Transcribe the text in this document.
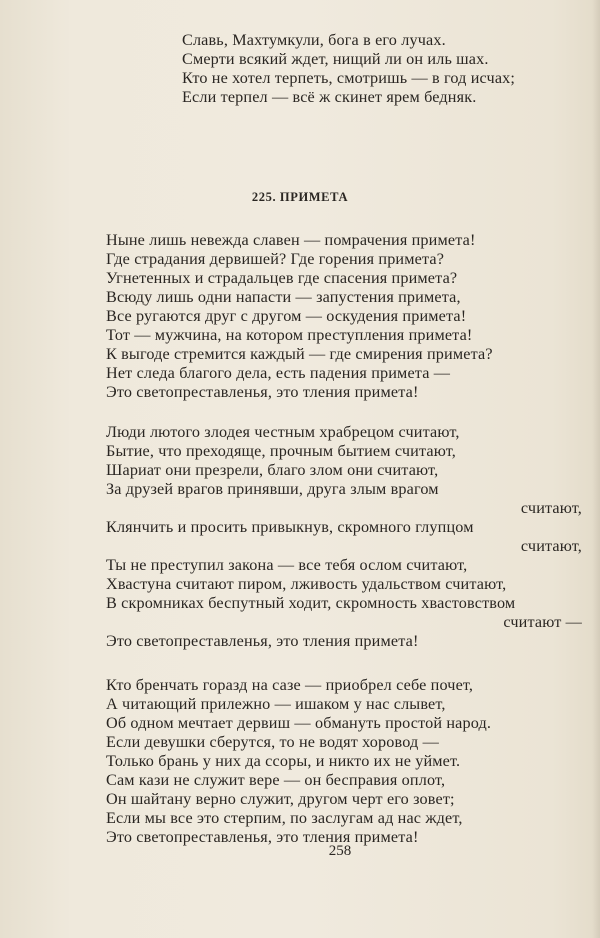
Славь, Махтумкули, бога в его лучах.
Смерти всякий ждет, нищий ли он иль шах.
Кто не хотел терпеть, смотришь — в год исчах;
Если терпел — всё ж скинет ярем бедняк.
225. ПРИМЕТА
Ныне лишь невежда славен — помрачения примета!
Где страдания дервишей? Где горения примета?
Угнетенных и страдальцев где спасения примета?
Всюду лишь одни напасти — запустения примета,
Все ругаются друг с другом — оскудения примета!
Тот — мужчина, на котором преступления примета!
К выгоде стремится каждый — где смирения примета?
Нет следа благого дела, есть падения примета —
Это светопреставленья, это тления примета!
Люди лютого злодея честным храбрецом считают,
Бытие, что преходяще, прочным бытием считают,
Шариат они презрели, благо злом они считают,
За друзей врагов принявши, друга злым врагом
считают,
Клянчить и просить привыкнув, скромного глупцом
считают,
Ты не преступил закона — все тебя ослом считают,
Хвастуна считают пиром, лживость удальством считают,
В скромниках беспутный ходит, скромность хвастовством
считают —
Это светопреставленья, это тления примета!
Кто бренчать горазд на сазе — приобрел себе почет,
А читающий прилежно — ишаком у нас слывет,
Об одном мечтает дервиш — обмануть простой народ.
Если девушки сберутся, то не водят хоровод —
Только брань у них да ссоры, и никто их не уймет.
Сам кази не служит вере — он бесправия оплот,
Он шайтану верно служит, другом черт его зовет;
Если мы все это стерпим, по заслугам ад нас ждет,
Это светопреставленья, это тления примета!
258
